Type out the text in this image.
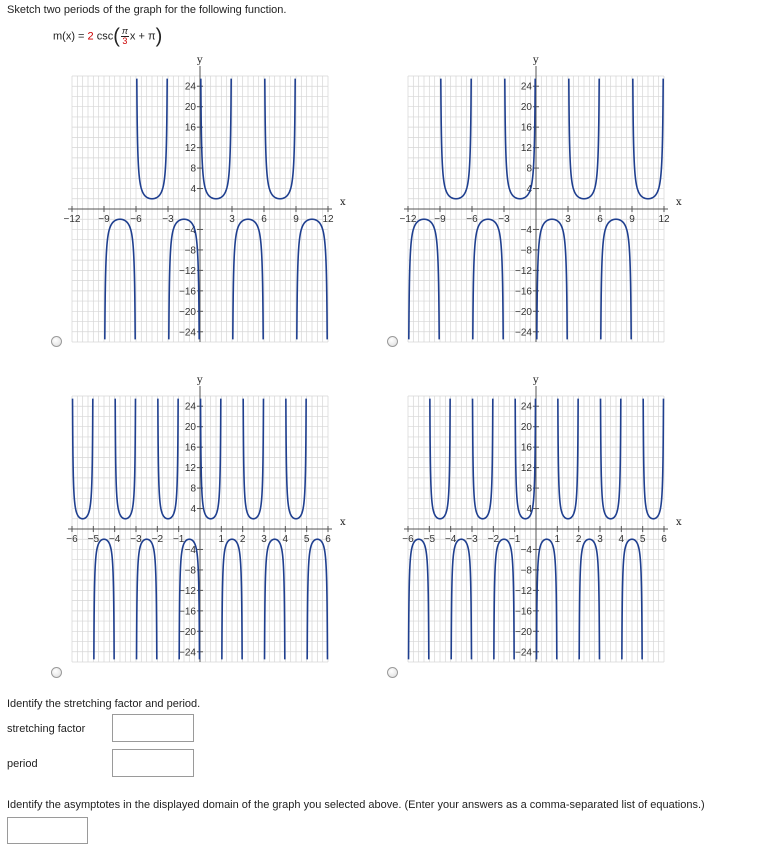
Sketch two periods of the graph for the following function.
m(x) = 2 $\csc( \frac{\pi}{3}$ x + π)
x
y
−12 −9 −6 −3	3	6	9 12
−24
−20
−16
−12
−8
−4
4
8
12
16
20
24
x
y
−12 −9 −6 −3	3	6	9 12
−24
−20
−16
−12
−8
−4
4
8
12
16
20
24
x
y
−6 −5 −4 −3 −2 −1	1 2 3 4 5 6
−24
−20
−16
−12
−8
−4
4
8
12
16
20
24
x
y
−6 −5 −4 −3 −2 −1	1 2 3 4 5 6
−24
−20
−16
−12
−8
−4
4
8
12
16
20
24
Identify the stretching factor and period.
stretching factor
period
Identify the asymptotes in the displayed domain of the graph you selected above. (Enter your answers as a comma-separated list of equations.)
